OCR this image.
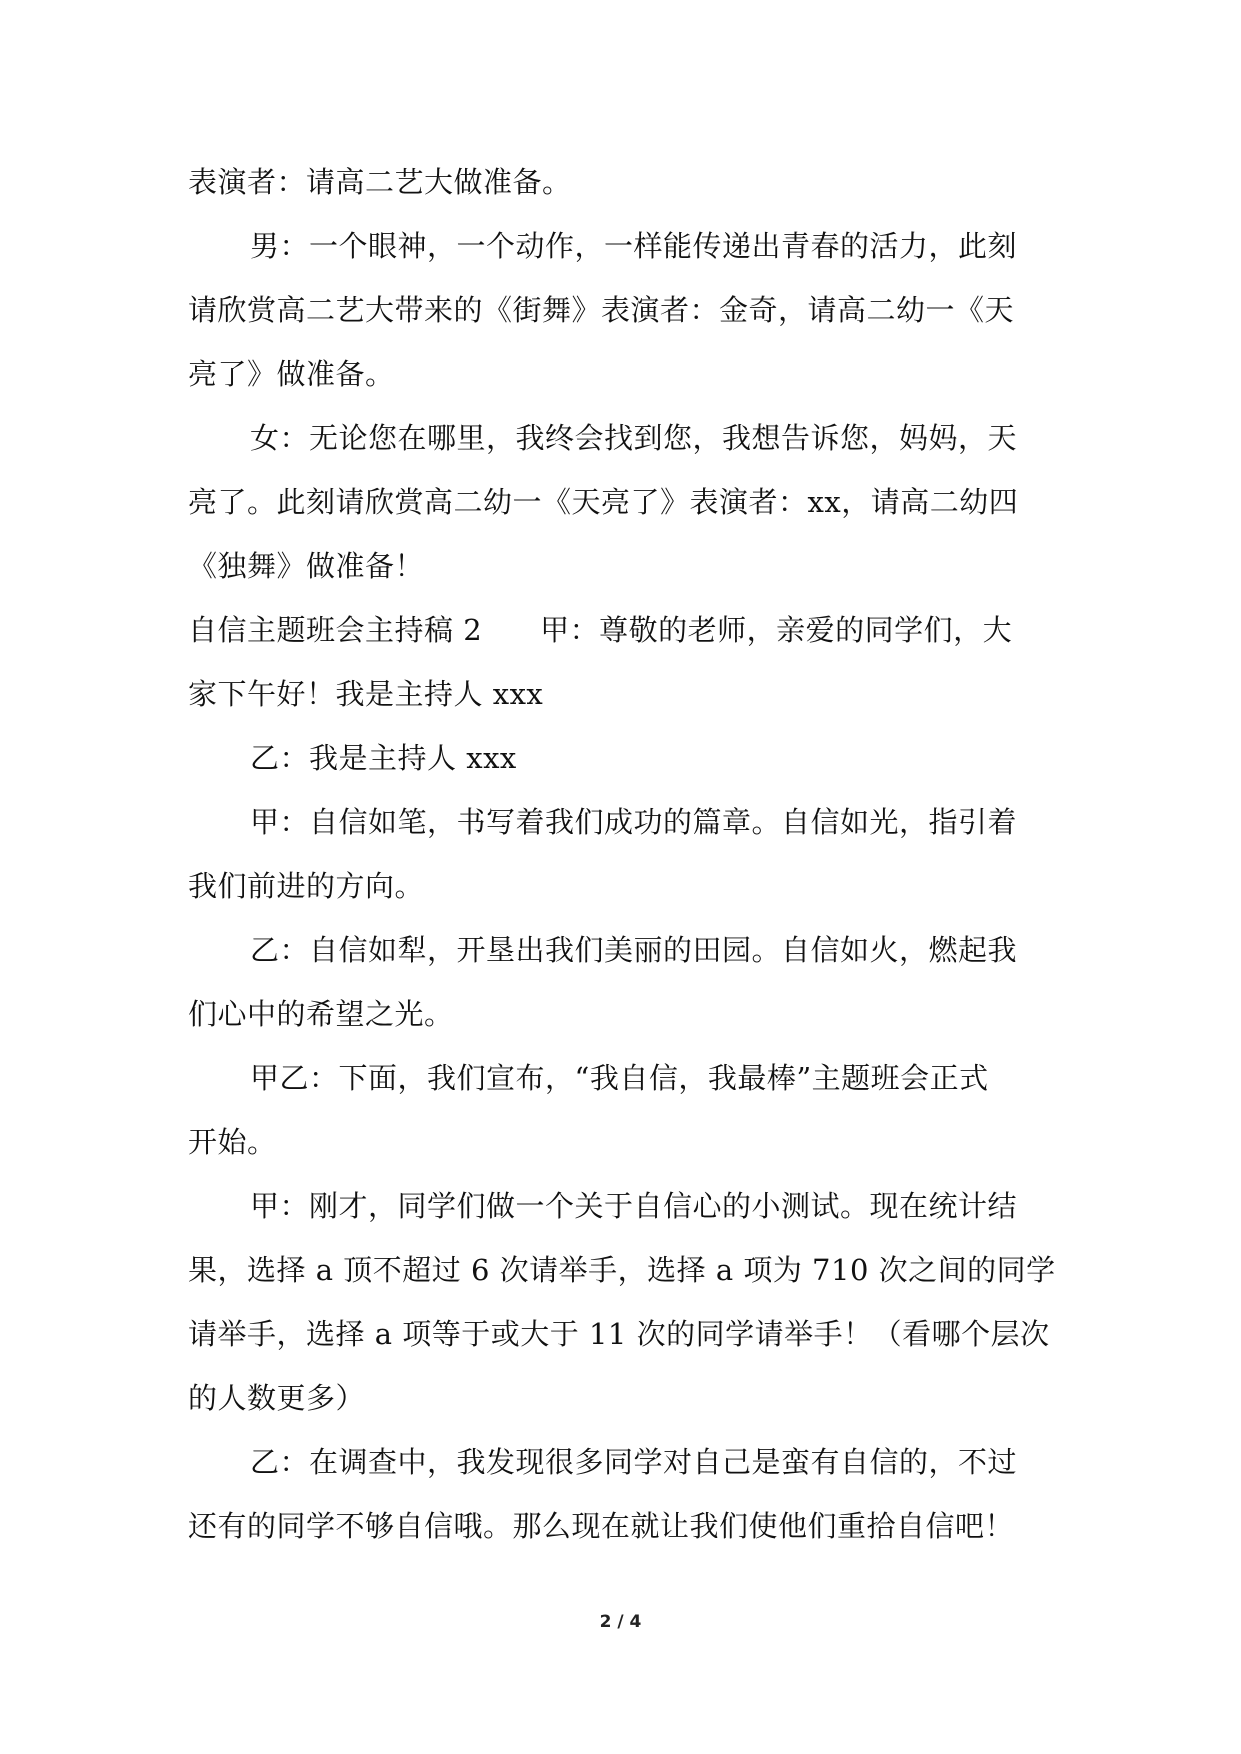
表演者：请高二艺大做准备。
男：一个眼神，一个动作，一样能传递出青春的活力，此刻
请欣赏高二艺大带来的《街舞》表演者：金奇，请高二幼一《天
亮了》做准备。
女：无论您在哪里，我终会找到您，我想告诉您，妈妈，天
亮了。此刻请欣赏高二幼一《天亮了》表演者：xx，请高二幼四
《独舞》做准备！
自信主题班会主持稿 2 甲：尊敬的老师，亲爱的同学们，大
家下午好！我是主持人 xxx
乙：我是主持人 xxx
甲：自信如笔，书写着我们成功的篇章。自信如光，指引着
我们前进的方向。
乙：自信如犁，开垦出我们美丽的田园。自信如火，燃起我
们心中的希望之光。
甲乙：下面，我们宣布，“我自信，我最棒”主题班会正式
开始。
甲：刚才，同学们做一个关于自信心的小测试。现在统计结
果，选择 a 顶不超过 6 次请举手，选择 a 项为 710 次之间的同学
请举手，选择 a 项等于或大于 11 次的同学请举手！（看哪个层次
的人数更多）
乙：在调查中，我发现很多同学对自己是蛮有自信的，不过
还有的同学不够自信哦。那么现在就让我们使他们重拾自信吧！
2 / 4
